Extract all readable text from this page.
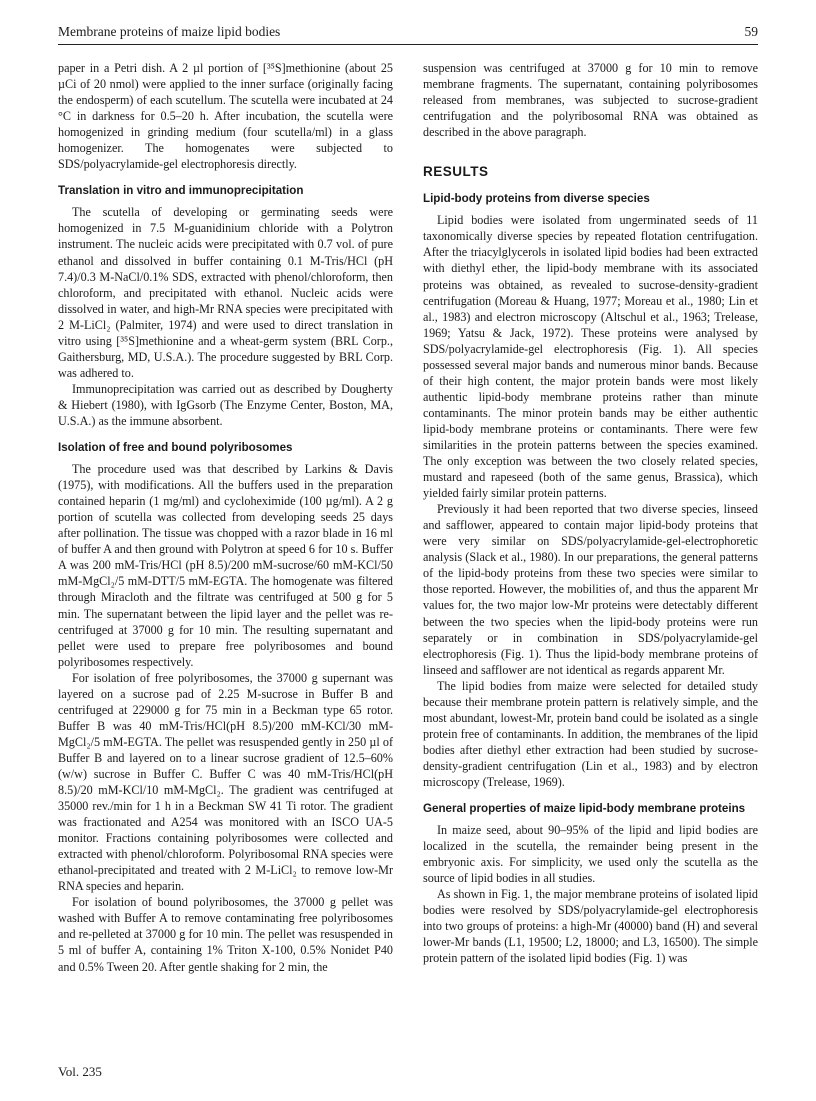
Membrane proteins of maize lipid bodies	59

paper in a Petri dish. A 2 µl portion of [³⁵S]methionine (about 25 µCi of 20 nmol) were applied to the inner surface (originally facing the endosperm) of each scutellum. The scutella were incubated at 24 °C in darkness for 0.5–20 h. After incubation, the scutella were homogenized in grinding medium (four scutella/ml) in a glass homogenizer. The homogenates were subjected to SDS/polyacrylamide-gel electrophoresis directly.

Translation in vitro and immunoprecipitation

The scutella of developing or germinating seeds were homogenized in 7.5 M-guanidinium chloride with a Polytron instrument. The nucleic acids were precipitated with 0.7 vol. of pure ethanol and dissolved in buffer containing 0.1 M-Tris/HCl (pH 7.4)/0.3 M-NaCl/0.1% SDS, extracted with phenol/chloroform, then chloroform, and precipitated with ethanol. Nucleic acids were dissolved in water, and high-Mr RNA species were precipitated with 2 M-LiCl₂ (Palmiter, 1974) and were used to direct translation in vitro using [³⁵S]methionine and a wheat-germ system (BRL Corp., Gaithersburg, MD, U.S.A.). The procedure suggested by BRL Corp. was adhered to.

Immunoprecipitation was carried out as described by Dougherty & Hiebert (1980), with IgGsorb (The Enzyme Center, Boston, MA, U.S.A.) as the immune absorbent.

Isolation of free and bound polyribosomes

The procedure used was that described by Larkins & Davis (1975), with modifications. All the buffers used in the preparation contained heparin (1 mg/ml) and cycloheximide (100 µg/ml). A 2 g portion of scutella was collected from developing seeds 25 days after pollination. The tissue was chopped with a razor blade in 16 ml of buffer A and then ground with Polytron at speed 6 for 10 s. Buffer A was 200 mM-Tris/HCl (pH 8.5)/200 mM-sucrose/60 mM-KCl/50 mM-MgCl₂/5 mM-DTT/5 mM-EGTA. The homogenate was filtered through Miracloth and the filtrate was centrifuged at 500 g for 5 min. The supernatant between the lipid layer and the pellet was re-centrifuged at 37000 g for 10 min. The resulting supernatant and pellet were used to prepare free polyribosomes and bound polyribosomes respectively.

For isolation of free polyribosomes, the 37000 g supernant was layered on a sucrose pad of 2.25 M-sucrose in Buffer B and centrifuged at 229000 g for 75 min in a Beckman type 65 rotor. Buffer B was 40 mM-Tris/HCl(pH 8.5)/200 mM-KCl/30 mM-MgCl₂/5 mM-EGTA. The pellet was resuspended gently in 250 µl of Buffer B and layered on to a linear sucrose gradient of 12.5–60% (w/w) sucrose in Buffer C. Buffer C was 40 mM-Tris/HCl(pH 8.5)/20 mM-KCl/10 mM-MgCl₂. The gradient was centrifuged at 35000 rev./min for 1 h in a Beckman SW 41 Ti rotor. The gradient was fractionated and A254 was monitored with an ISCO UA-5 monitor. Fractions containing polyribosomes were collected and extracted with phenol/chloroform. Polyribosomal RNA species were ethanol-precipitated and treated with 2 M-LiCl₂ to remove low-Mr RNA species and heparin.

For isolation of bound polyribosomes, the 37000 g pellet was washed with Buffer A to remove contaminating free polyribosomes and re-pelleted at 37000 g for 10 min. The pellet was resuspended in 5 ml of buffer A, containing 1% Triton X-100, 0.5% Nonidet P40 and 0.5% Tween 20. After gentle shaking for 2 min, the

suspension was centrifuged at 37000 g for 10 min to remove membrane fragments. The supernatant, containing polyribosomes released from membranes, was subjected to sucrose-gradient centrifugation and the polyribosomal RNA was obtained as described in the above paragraph.

RESULTS
Lipid-body proteins from diverse species

Lipid bodies were isolated from ungerminated seeds of 11 taxonomically diverse species by repeated flotation centrifugation. After the triacylglycerols in isolated lipid bodies had been extracted with diethyl ether, the lipid-body membrane with its associated proteins was obtained, as revealed to sucrose-density-gradient centrifugation (Moreau & Huang, 1977; Moreau et al., 1980; Lin et al., 1983) and electron microscopy (Altschul et al., 1963; Trelease, 1969; Yatsu & Jack, 1972). These proteins were analysed by SDS/polyacrylamide-gel electrophoresis (Fig. 1). All species possessed several major bands and numerous minor bands. Because of their high content, the major protein bands were most likely authentic lipid-body membrane proteins rather than minute contaminants. The minor protein bands may be either authentic lipid-body membrane proteins or contaminants. There were few similarities in the protein patterns between the species examined. The only exception was between the two closely related species, mustard and rapeseed (both of the same genus, Brassica), which yielded fairly similar protein patterns.

Previously it had been reported that two diverse species, linseed and safflower, appeared to contain major lipid-body proteins that were very similar on SDS/polyacrylamide-gel-electrophoretic analysis (Slack et al., 1980). In our preparations, the general patterns of the lipid-body proteins from these two species were similar to those reported. However, the mobilities of, and thus the apparent Mr values for, the two major low-Mr proteins were detectably different between the two species when the lipid-body proteins were run separately or in combination in SDS/polyacrylamide-gel electrophoresis (Fig. 1). Thus the lipid-body membrane proteins of linseed and safflower are not identical as regards apparent Mr.

The lipid bodies from maize were selected for detailed study because their membrane protein pattern is relatively simple, and the most abundant, lowest-Mr, protein band could be isolated as a single protein free of contaminants. In addition, the membranes of the lipid bodies after diethyl ether extraction had been studied by sucrose-density-gradient centrifugation (Lin et al., 1983) and by electron microscopy (Trelease, 1969).

General properties of maize lipid-body membrane proteins

In maize seed, about 90–95% of the lipid and lipid bodies are localized in the scutella, the remainder being present in the embryonic axis. For simplicity, we used only the scutella as the source of lipid bodies in all studies.

As shown in Fig. 1, the major membrane proteins of isolated lipid bodies were resolved by SDS/polyacrylamide-gel electrophoresis into two groups of proteins: a high-Mr (40000) band (H) and several lower-Mr bands (L1, 19500; L2, 18000; and L3, 16500). The simple protein pattern of the isolated lipid bodies (Fig. 1) was

Vol. 235
